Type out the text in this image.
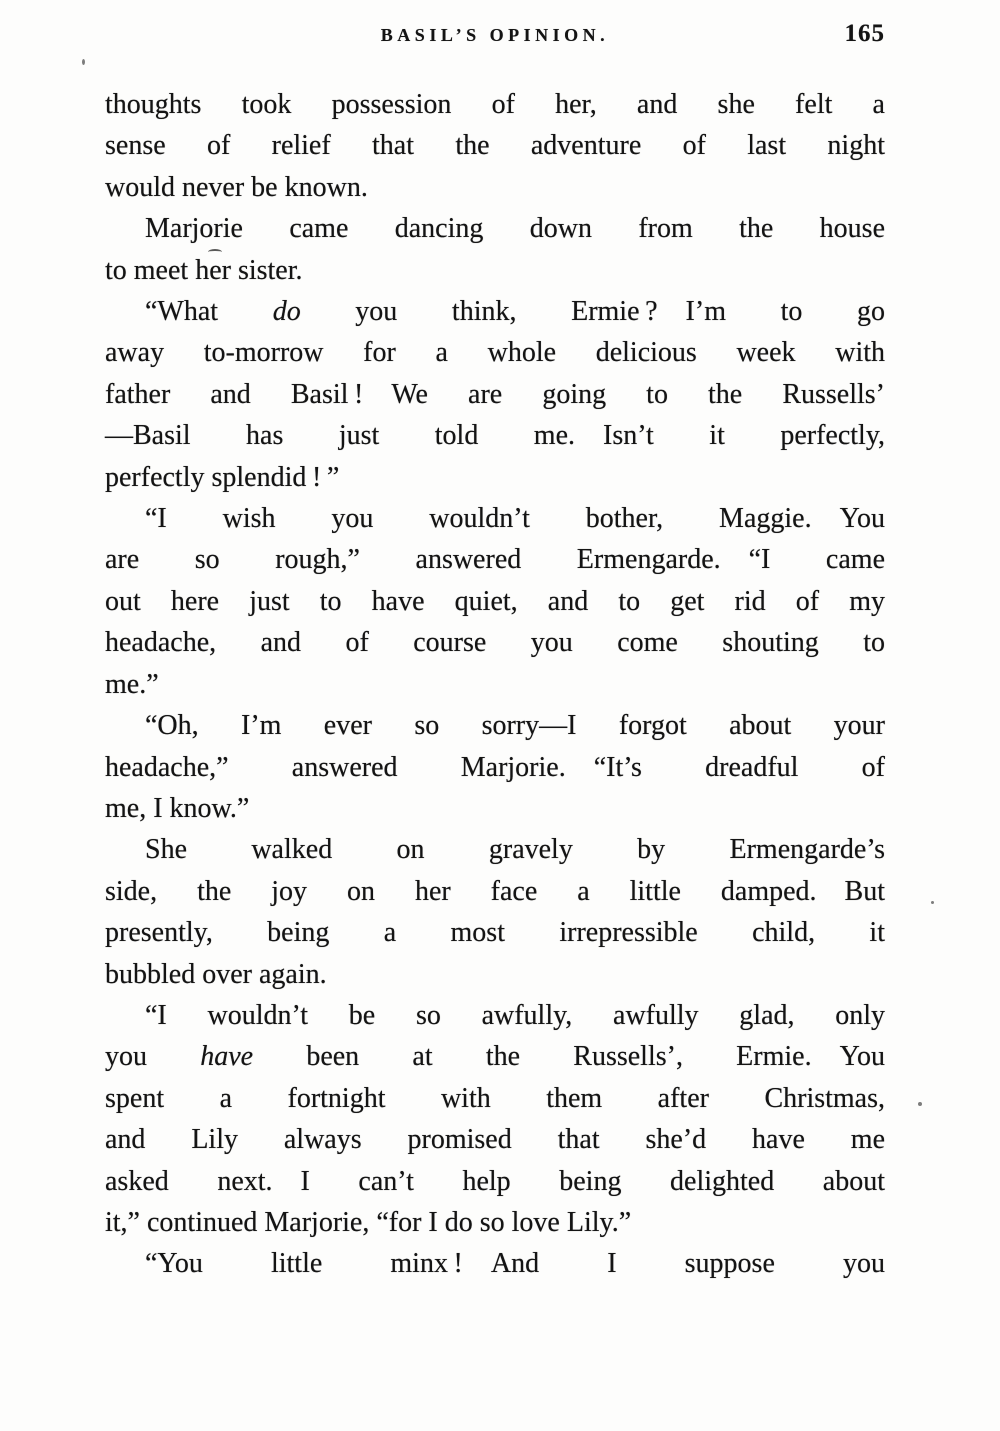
BASIL’S OPINION.	165

thoughts took possession of her, and she felt a
sense of relief that the adventure of last night
would never be known.

Marjorie came dancing down from the house
to meet her sister.

“What do you think, Ermie ? I’m to go
away to-morrow for a whole delicious week with
father and Basil ! We are going to the Russells’
—Basil has just told me. Isn’t it perfectly,
perfectly splendid ! ”

“I wish you wouldn’t bother, Maggie. You
are so rough,” answered Ermengarde. “I came
out here just to have quiet, and to get rid of my
headache, and of course you come shouting to
me.”

“Oh, I’m ever so sorry—I forgot about your
headache,” answered Marjorie. “It’s dreadful of
me, I know.”

She walked on gravely by Ermengarde’s
side, the joy on her face a little damped. But
presently, being a most irrepressible child, it
bubbled over again.

“I wouldn’t be so awfully, awfully glad, only
you have been at the Russells’, Ermie. You
spent a fortnight with them after Christmas,
and Lily always promised that she’d have me
asked next. I can’t help being delighted about
it,” continued Marjorie, “for I do so love Lily.”

“You little minx ! And I suppose you
